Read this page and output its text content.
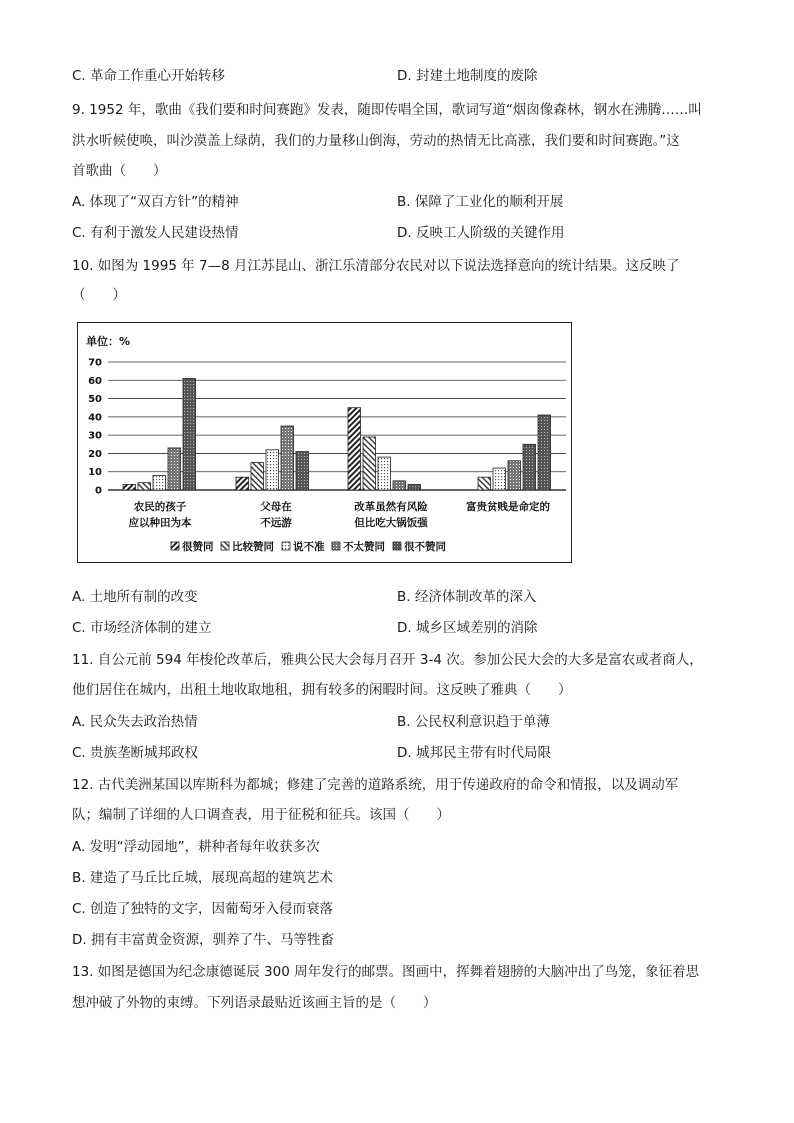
C. 革命工作重心开始转移	D. 封建土地制度的废除
9. 1952 年，歌曲《我们要和时间赛跑》发表，随即传唱全国，歌词写道“烟囱像森林，钢水在沸腾……叫
洪水听候使唤，叫沙漠盖上绿荫，我们的力量移山倒海，劳动的热情无比高涨，我们要和时间赛跑。”这
首歌曲（　　）
A. 体现了“双百方针”的精神	B. 保障了工业化的顺利开展
C. 有利于激发人民建设热情	D. 反映工人阶级的关键作用
10. 如图为 1995 年 7—8 月江苏昆山、浙江乐清部分农民对以下说法选择意向的统计结果。这反映了
（　　）
单位：%
0
10
20
30
40
50
60
70
农民的孩子
应以种田为本
父母在
不远游
改革虽然有风险
但比吃大锅饭强
富贵贫贱是命定的
很赞同 比较赞同 说不准 不太赞同 很不赞同
A. 土地所有制的改变	B. 经济体制改革的深入
C. 市场经济体制的建立	D. 城乡区域差别的消除
11. 自公元前 594 年梭伦改革后，雅典公民大会每月召开 3-4 次。参加公民大会的大多是富农或者商人，
他们居住在城内，出租土地收取地租，拥有较多的闲暇时间。这反映了雅典（　　）
A. 民众失去政治热情	B. 公民权利意识趋于单薄
C. 贵族垄断城邦政权	D. 城邦民主带有时代局限
12. 古代美洲某国以库斯科为都城；修建了完善的道路系统，用于传递政府的命令和情报，以及调动军
队；编制了详细的人口调查表，用于征税和征兵。该国（　　）
A. 发明“浮动园地”，耕种者每年收获多次
B. 建造了马丘比丘城，展现高超的建筑艺术
C. 创造了独特的文字，因葡萄牙入侵而衰落
D. 拥有丰富黄金资源，驯养了牛、马等牲畜
13. 如图是德国为纪念康德诞辰 300 周年发行的邮票。图画中，挥舞着翅膀的大脑冲出了鸟笼，象征着思
想冲破了外物的束缚。下列语录最贴近该画主旨的是（　　）
